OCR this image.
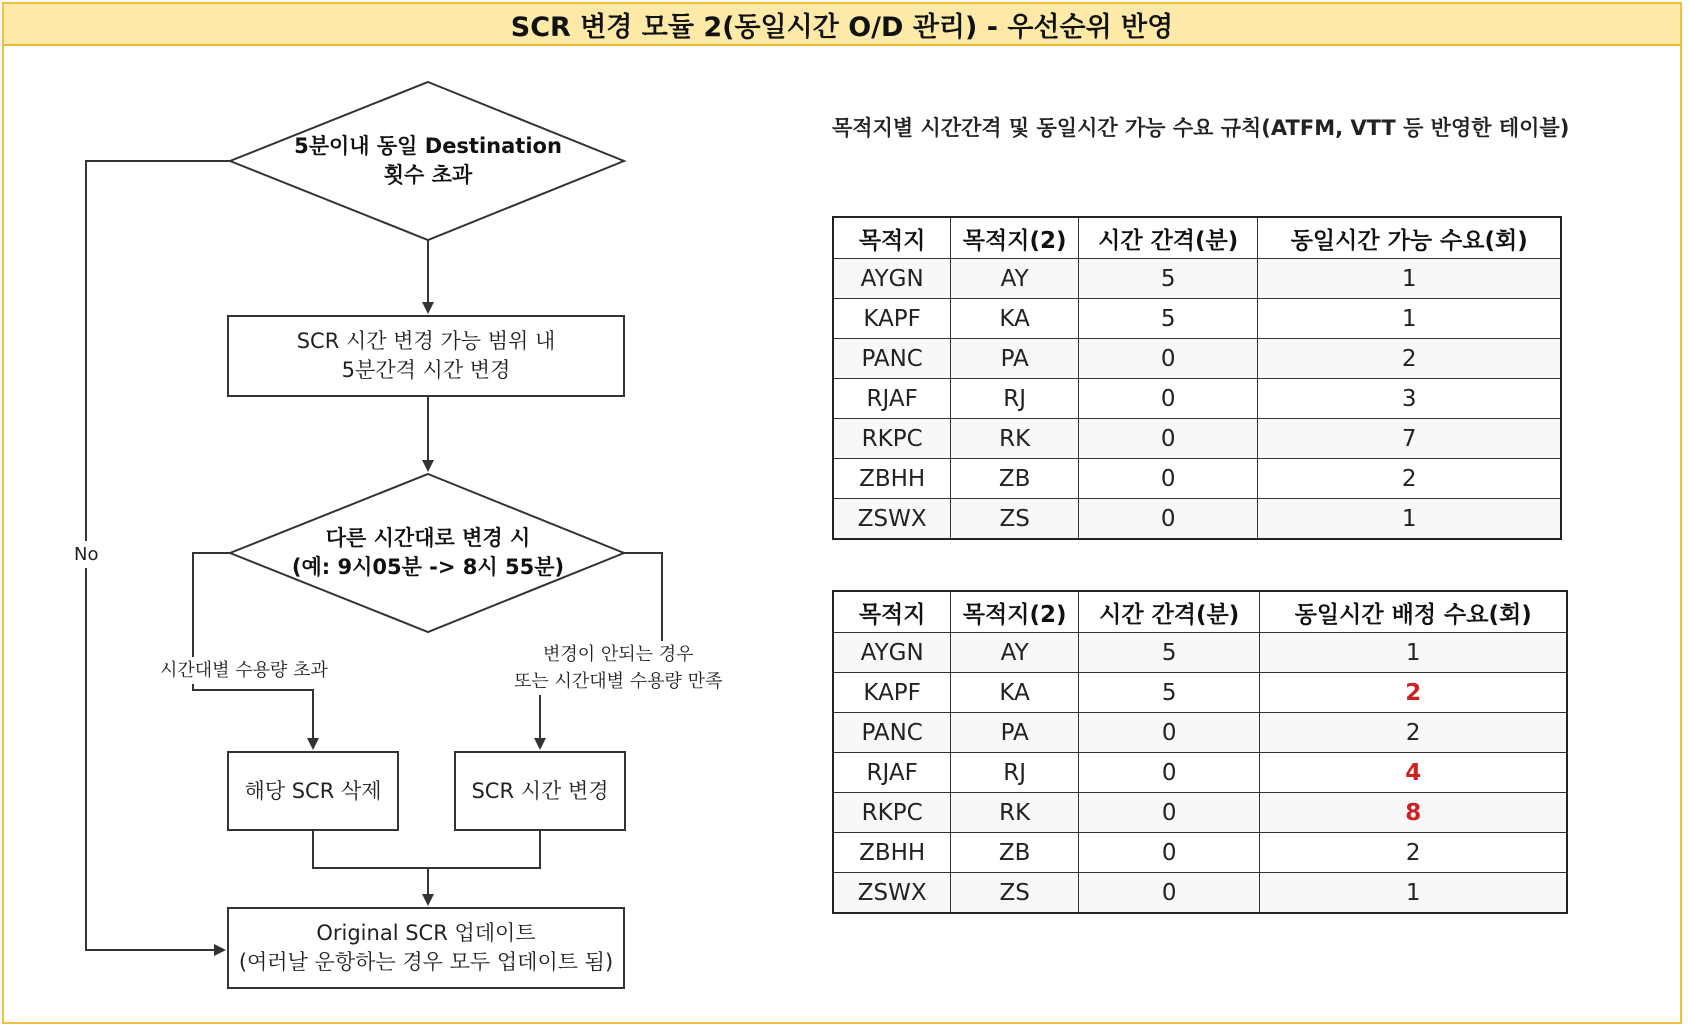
SCR 변경 모듈 2(동일시간 O/D 관리) - 우선순위 반영
5분이내 동일 Destination
횟수 초과
SCR 시간 변경 가능 범위 내
5분간격 시간 변경
다른 시간대로 변경 시
(예: 9시05분 -> 8시 55분)
해당 SCR 삭제	SCR 시간 변경
Original SCR 업데이트
(여러날 운항하는 경우 모두 업데이트 됨)
No
시간대별 수용량 초과
변경이 안되는 경우
또는 시간대별 수용량 만족
목적지별 시간간격 및 동일시간 가능 수요 규칙(ATFM, VTT 등 반영한 테이블)
목적지	목적지(2)	시간 간격(분)	동일시간 가능 수요(회)
AYGN	AY	5	1
KAPF	KA	5	1
PANC	PA	0	2
RJAF	RJ	0	3
RKPC	RK	0	7
ZBHH	ZB	0	2
ZSWX	ZS	0	1
목적지	목적지(2)	시간 간격(분)	동일시간 배정 수요(회)
AYGN	AY	5	1
KAPF	KA	5	2
PANC	PA	0	2
RJAF	RJ	0	4
RKPC	RK	0	8
ZBHH	ZB	0	2
ZSWX	ZS	0	1
